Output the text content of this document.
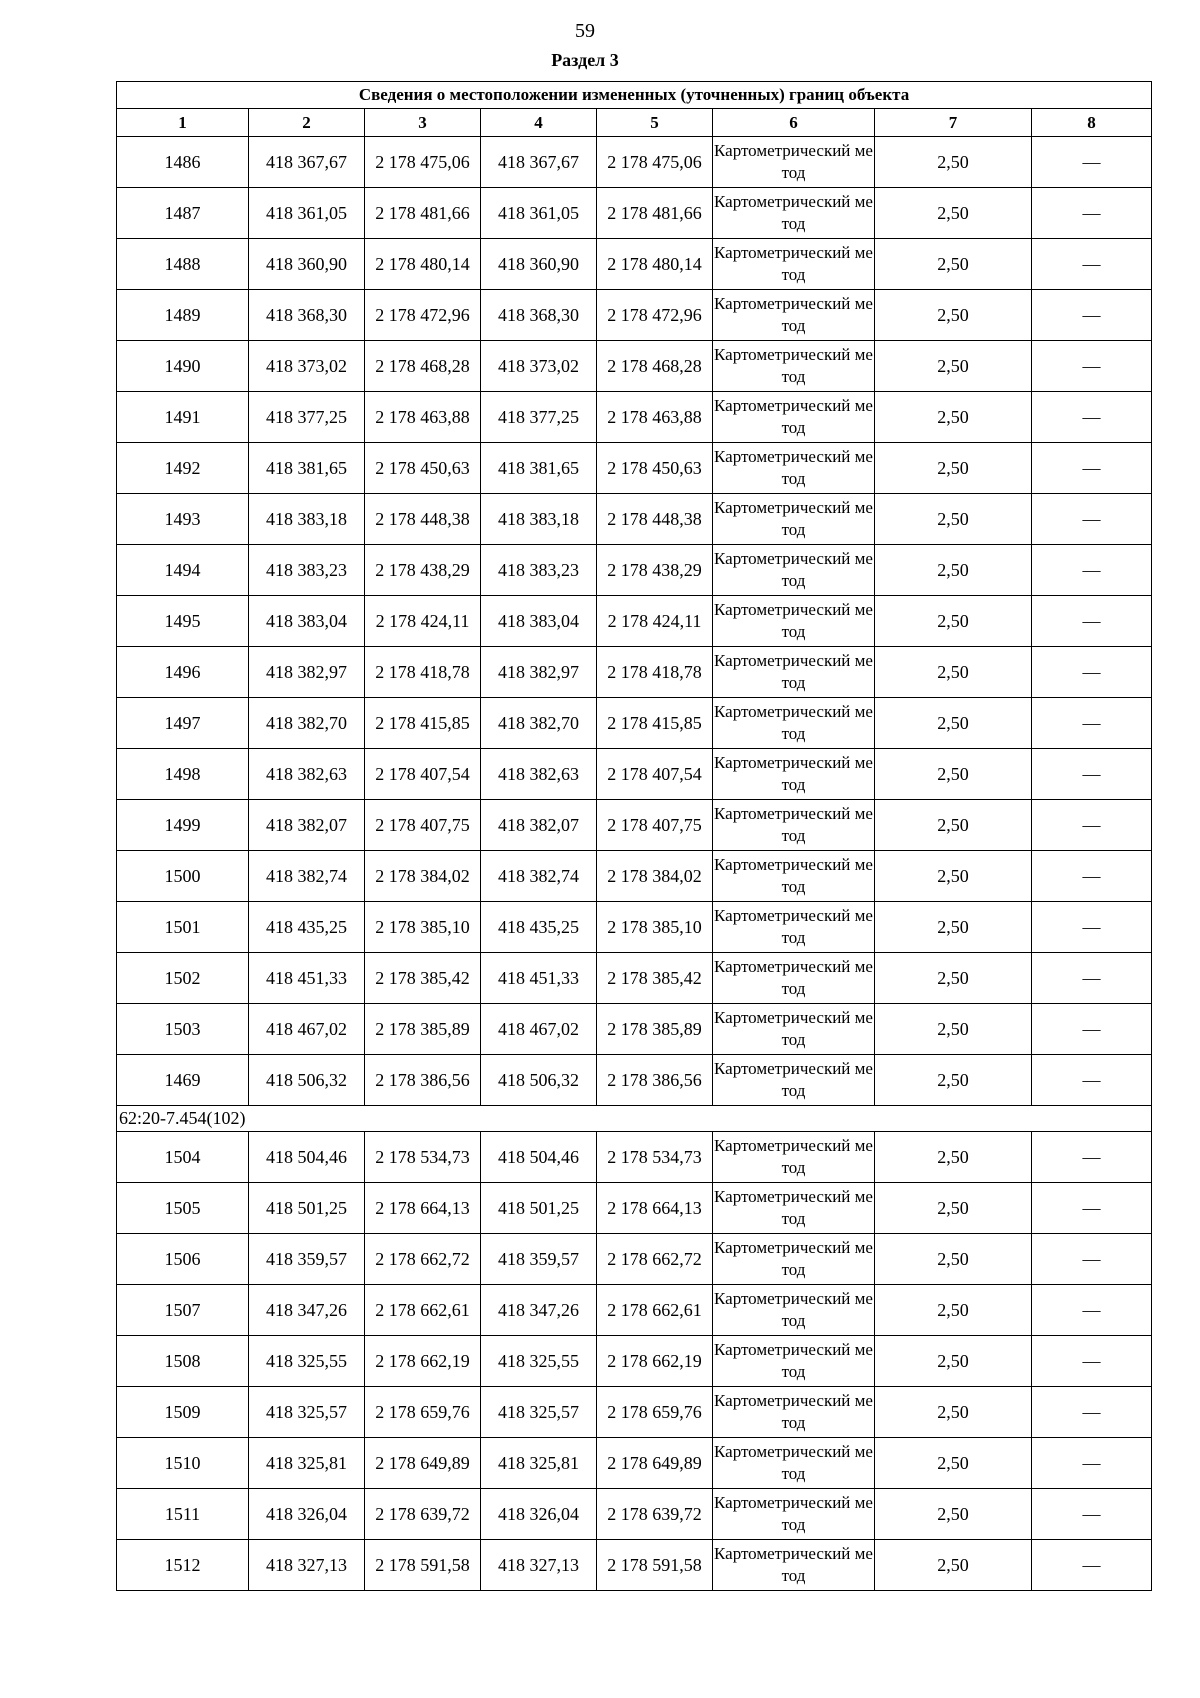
59
Раздел 3
Сведения о местоположении измененных (уточненных) границ объекта							
1	2	3	4	5	6	7	8
1486	418 367,67	2 178 475,06	418 367,67	2 178 475,06	Картометрический метод	2,50	—
1487	418 361,05	2 178 481,66	418 361,05	2 178 481,66	Картометрический метод	2,50	—
1488	418 360,90	2 178 480,14	418 360,90	2 178 480,14	Картометрический метод	2,50	—
1489	418 368,30	2 178 472,96	418 368,30	2 178 472,96	Картометрический метод	2,50	—
1490	418 373,02	2 178 468,28	418 373,02	2 178 468,28	Картометрический метод	2,50	—
1491	418 377,25	2 178 463,88	418 377,25	2 178 463,88	Картометрический метод	2,50	—
1492	418 381,65	2 178 450,63	418 381,65	2 178 450,63	Картометрический метод	2,50	—
1493	418 383,18	2 178 448,38	418 383,18	2 178 448,38	Картометрический метод	2,50	—
1494	418 383,23	2 178 438,29	418 383,23	2 178 438,29	Картометрический метод	2,50	—
1495	418 383,04	2 178 424,11	418 383,04	2 178 424,11	Картометрический метод	2,50	—
1496	418 382,97	2 178 418,78	418 382,97	2 178 418,78	Картометрический метод	2,50	—
1497	418 382,70	2 178 415,85	418 382,70	2 178 415,85	Картометрический метод	2,50	—
1498	418 382,63	2 178 407,54	418 382,63	2 178 407,54	Картометрический метод	2,50	—
1499	418 382,07	2 178 407,75	418 382,07	2 178 407,75	Картометрический метод	2,50	—
1500	418 382,74	2 178 384,02	418 382,74	2 178 384,02	Картометрический метод	2,50	—
1501	418 435,25	2 178 385,10	418 435,25	2 178 385,10	Картометрический метод	2,50	—
1502	418 451,33	2 178 385,42	418 451,33	2 178 385,42	Картометрический метод	2,50	—
1503	418 467,02	2 178 385,89	418 467,02	2 178 385,89	Картометрический метод	2,50	—
1469	418 506,32	2 178 386,56	418 506,32	2 178 386,56	Картометрический метод	2,50	—
62:20-7.454(102)							
1504	418 504,46	2 178 534,73	418 504,46	2 178 534,73	Картометрический метод	2,50	—
1505	418 501,25	2 178 664,13	418 501,25	2 178 664,13	Картометрический метод	2,50	—
1506	418 359,57	2 178 662,72	418 359,57	2 178 662,72	Картометрический метод	2,50	—
1507	418 347,26	2 178 662,61	418 347,26	2 178 662,61	Картометрический метод	2,50	—
1508	418 325,55	2 178 662,19	418 325,55	2 178 662,19	Картометрический метод	2,50	—
1509	418 325,57	2 178 659,76	418 325,57	2 178 659,76	Картометрический метод	2,50	—
1510	418 325,81	2 178 649,89	418 325,81	2 178 649,89	Картометрический метод	2,50	—
1511	418 326,04	2 178 639,72	418 326,04	2 178 639,72	Картометрический метод	2,50	—
1512	418 327,13	2 178 591,58	418 327,13	2 178 591,58	Картометрический метод	2,50	—
